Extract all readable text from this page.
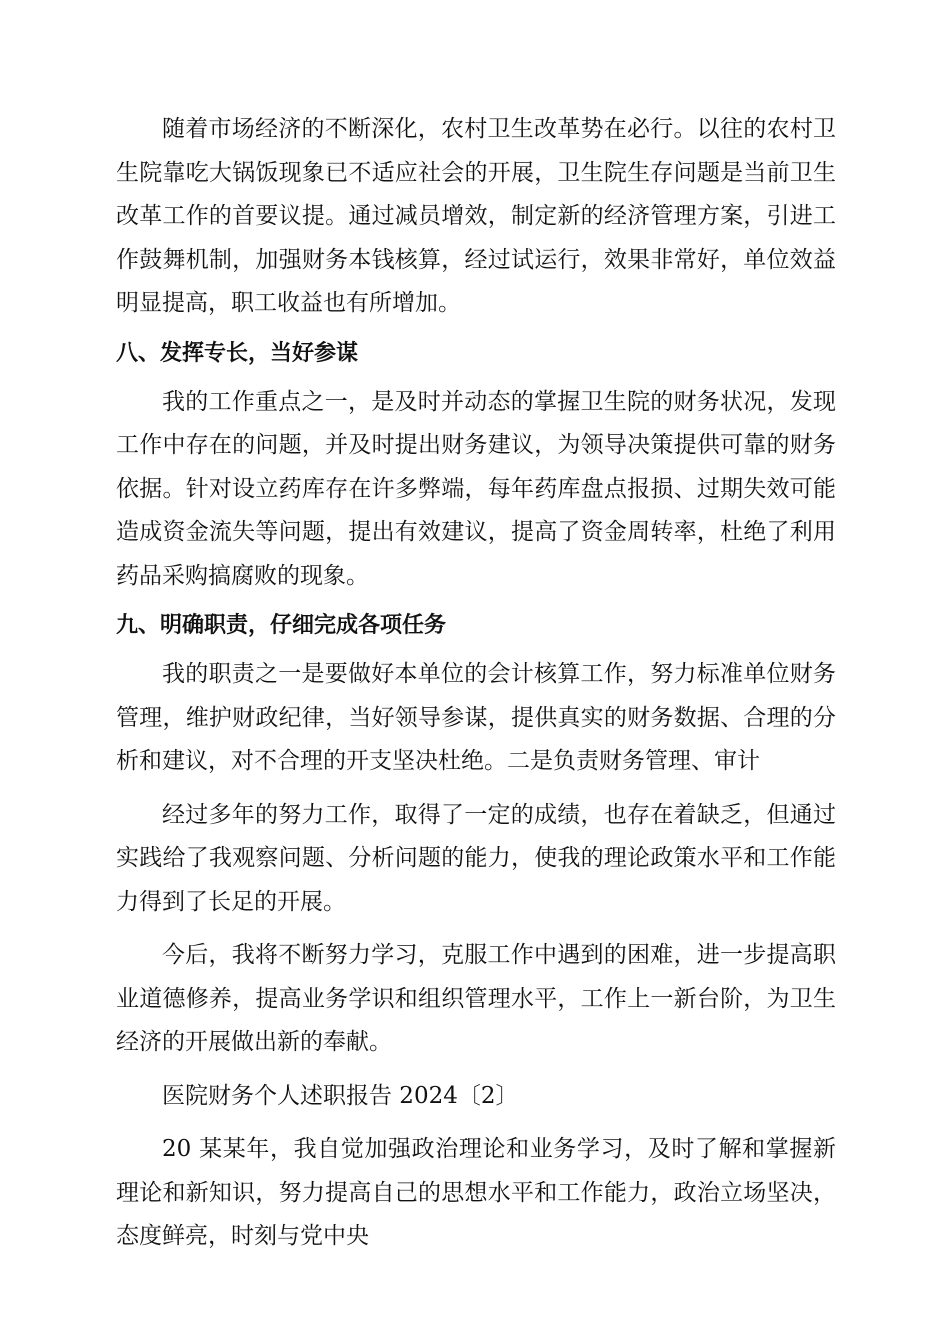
随着市场经济的不断深化，农村卫生改革势在必行。以往的农村卫生院靠吃大锅饭现象已不适应社会的开展，卫生院生存问题是当前卫生改革工作的首要议提。通过减员增效，制定新的经济管理方案，引进工作鼓舞机制，加强财务本钱核算，经过试运行，效果非常好，单位效益明显提高，职工收益也有所增加。

八、发挥专长，当好参谋

我的工作重点之一，是及时并动态的掌握卫生院的财务状况，发现工作中存在的问题，并及时提出财务建议，为领导决策提供可靠的财务依据。针对设立药库存在许多弊端，每年药库盘点报损、过期失效可能造成资金流失等问题，提出有效建议，提高了资金周转率，杜绝了利用药品采购搞腐败的现象。

九、明确职责，仔细完成各项任务

我的职责之一是要做好本单位的会计核算工作，努力标准单位财务管理，维护财政纪律，当好领导参谋，提供真实的财务数据、合理的分析和建议，对不合理的开支坚决杜绝。二是负责财务管理、审计

经过多年的努力工作，取得了一定的成绩，也存在着缺乏，但通过实践给了我观察问题、分析问题的能力，使我的理论政策水平和工作能力得到了长足的开展。

今后，我将不断努力学习，克服工作中遇到的困难，进一步提高职业道德修养，提高业务学识和组织管理水平，工作上一新台阶，为卫生经济的开展做出新的奉献。

医院财务个人述职报告 2024〔2〕

20 某某年，我自觉加强政治理论和业务学习，及时了解和掌握新理论和新知识，努力提高自己的思想水平和工作能力，政治立场坚决，态度鲜亮，时刻与党中央
